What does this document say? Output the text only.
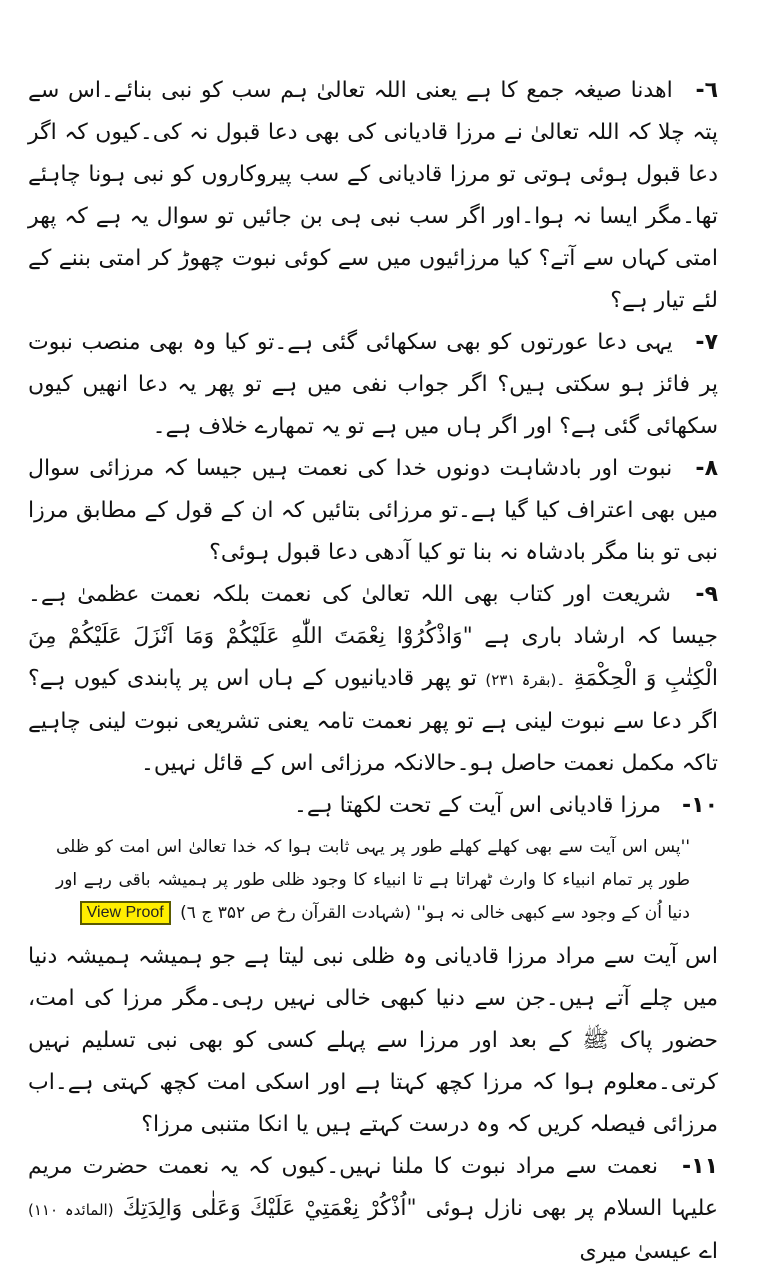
٦- اھدنا صیغہ جمع کا ہے یعنی اللہ تعالیٰ ہم سب کو نبی بنائے۔اس سے پتہ چلا کہ اللہ تعالیٰ نے مرزا قادیانی کی بھی دعا قبول نہ کی۔کیوں کہ اگر دعا قبول ہوئی ہوتی تو مرزا قادیانی کے سب پیروکاروں کو نبی ہونا چاہئے تھا۔مگر ایسا نہ ہوا۔اور اگر سب نبی ہی بن جائیں تو سوال یہ ہے کہ پھر امتی کہاں سے آتے؟ کیا مرزائیوں میں سے کوئی نبوت چھوڑ کر امتی بننے کے لئے تیار ہے؟

٧- یہی دعا عورتوں کو بھی سکھائی گئی ہے۔تو کیا وہ بھی منصب نبوت پر فائز ہو سکتی ہیں؟ اگر جواب نفی میں ہے تو پھر یہ دعا انھیں کیوں سکھائی گئی ہے؟ اور اگر ہاں میں ہے تو یہ تمھارے خلاف ہے۔

٨- نبوت اور بادشاہت دونوں خدا کی نعمت ہیں جیسا کہ مرزائی سوال میں بھی اعتراف کیا گیا ہے۔تو مرزائی بتائیں کہ ان کے قول کے مطابق مرزا نبی تو بنا مگر بادشاہ نہ بنا تو کیا آدھی دعا قبول ہوئی؟

٩- شریعت اور کتاب بھی اللہ تعالیٰ کی نعمت بلکہ نعمت عظمیٰ ہے۔جیسا کہ ارشاد باری ہے "وَاذْكُرُوْا نِعْمَتَ اللّٰهِ عَلَيْكُمْ وَمَا اَنْزَلَ عَلَيْكُمْ مِنَ الْكِتٰبِ وَ الْحِكْمَةِ ۔(بقرۃ ۲۳۱) تو پھر قادیانیوں کے ہاں اس پر پابندی کیوں ہے؟ اگر دعا سے نبوت لینی ہے تو پھر نعمت تامہ یعنی تشریعی نبوت لینی چاہیے تاکہ مکمل نعمت حاصل ہو۔حالانکہ مرزائی اس کے قائل نہیں۔

١٠- مرزا قادیانی اس آیت کے تحت لکھتا ہے۔

''پس اس آیت سے بھی کھلے کھلے طور پر یہی ثابت ہوا کہ خدا تعالیٰ اس امت کو ظلی طور پر تمام انبیاء کا وارث ٹھراتا ہے تا انبیاء کا وجود ظلی طور پر ہمیشہ باقی رہے اور دنیا اُن کے وجود سے کبھی خالی نہ ہو'' (شہادت القرآن رخ ص ۳۵۲ ج ٦) View Proof

اس آیت سے مراد مرزا قادیانی وہ ظلی نبی لیتا ہے جو ہمیشہ ہمیشہ دنیا میں چلے آتے ہیں۔جن سے دنیا کبھی خالی نہیں رہی۔مگر مرزا کی امت، حضور پاک ﷺ کے بعد اور مرزا سے پہلے کسی کو بھی نبی تسلیم نہیں کرتی۔معلوم ہوا کہ مرزا کچھ کہتا ہے اور اسکی امت کچھ کہتی ہے۔اب مرزائی فیصلہ کریں کہ وہ درست کہتے ہیں یا انکا متنبی مرزا؟

١١- نعمت سے مراد نبوت کا ملنا نہیں۔کیوں کہ یہ نعمت حضرت مریم علیہا السلام پر بھی نازل ہوئی "اُذْكُرْ نِعْمَتِيْ عَلَيْكَ وَعَلٰى وَالِدَتِكَ (المائدہ ۱۱۰) اے عیسیٰ میری
